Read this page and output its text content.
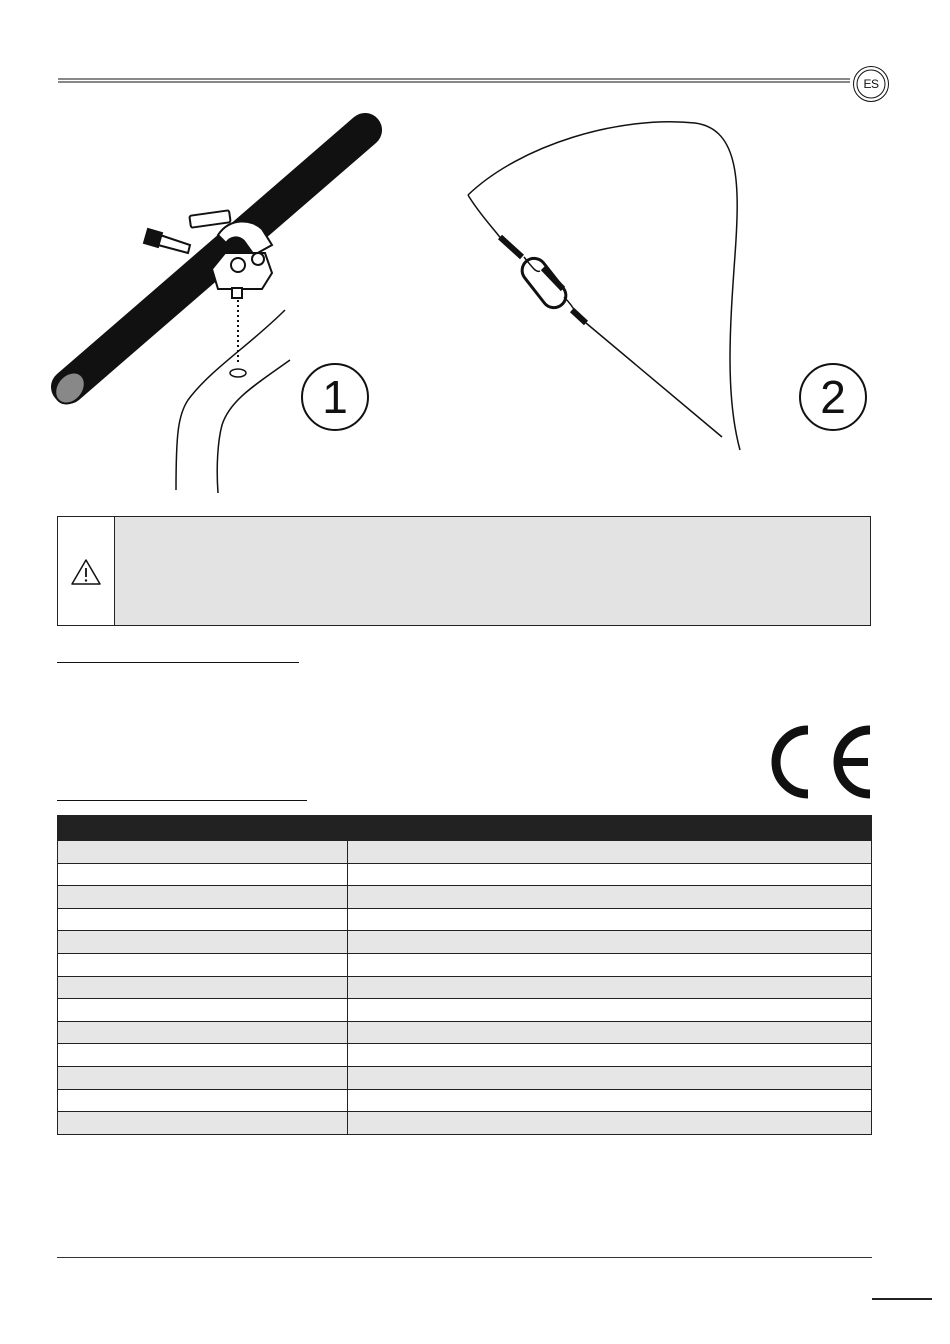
ES
1	2
